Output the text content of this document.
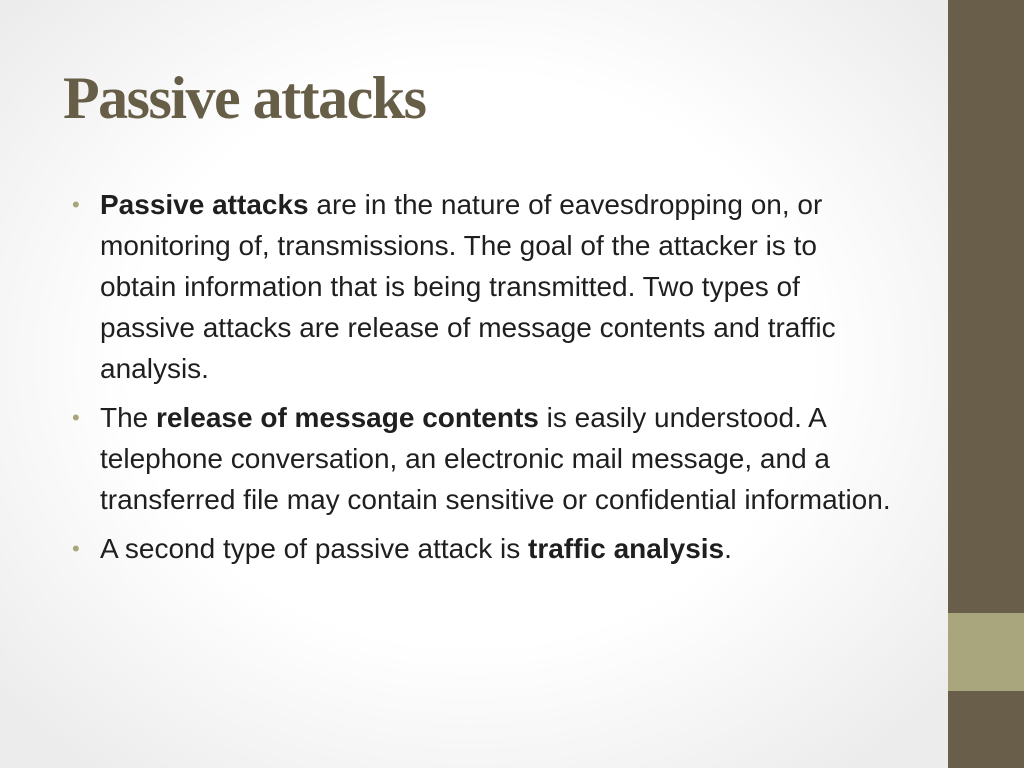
Passive attacks
• Passive attacks are in the nature of eavesdropping on, or monitoring of, transmissions. The goal of the attacker is to obtain information that is being transmitted. Two types of passive attacks are release of message contents and traffic analysis.
• The release of message contents is easily understood. A telephone conversation, an electronic mail message, and a transferred file may contain sensitive or confidential information.
• A second type of passive attack is traffic analysis.
